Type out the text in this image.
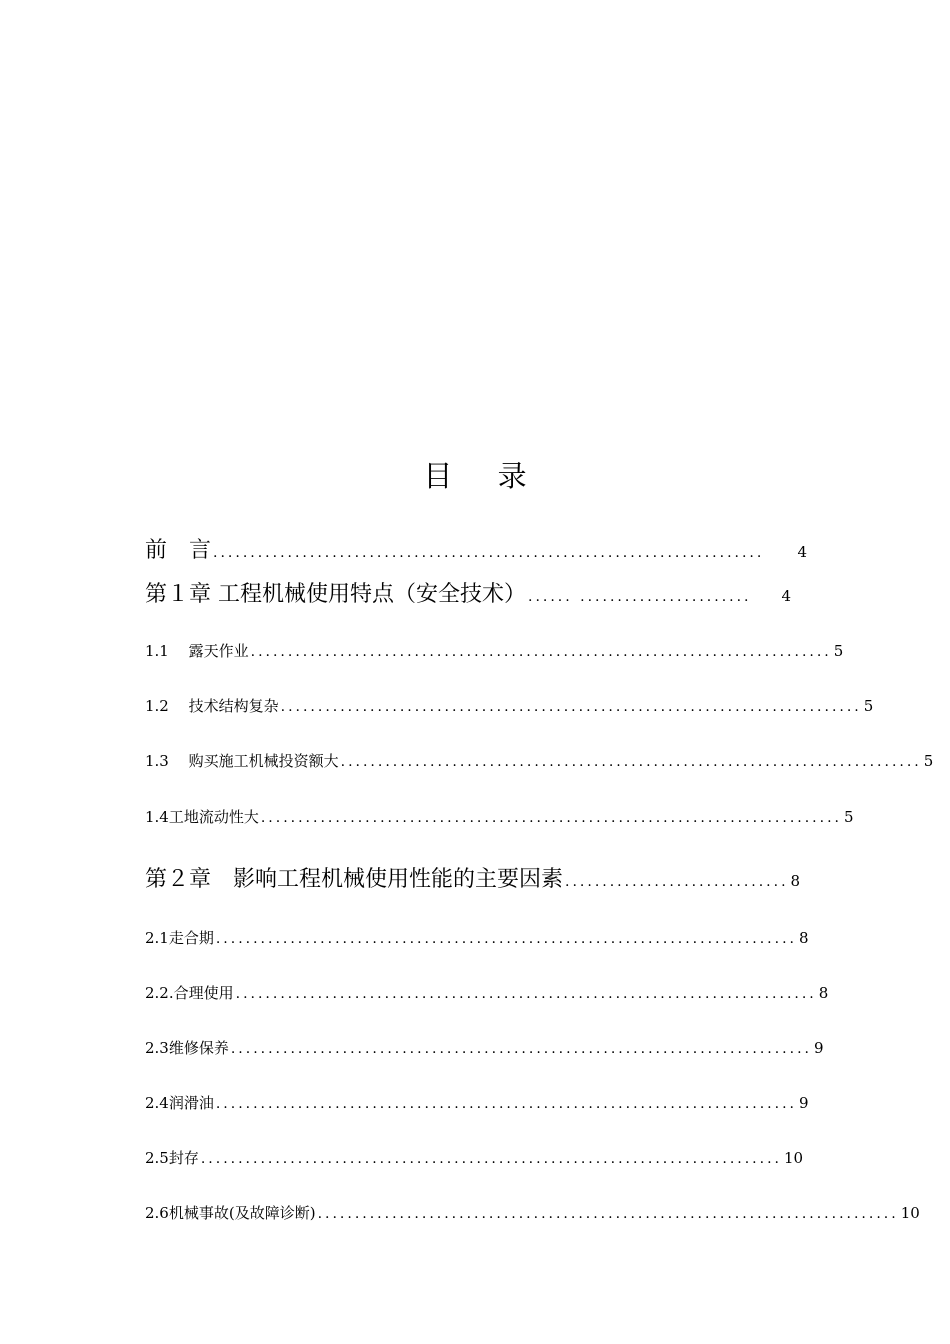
目 录
前　言 ..........................................................................	4
第１章 工程机械使用特点（安全技术） ...... .......................	4
1.1　 露天作业 .............................................................................. 5
1.2　 技术结构复杂 .............................................................................. 5
1.3　 购买施工机械投资额大 .............................................................................. 5
1.4工地流动性大 .............................................................................. 5
第２章　影响工程机械使用性能的主要因素 .............................. 8
2.1走合期 .............................................................................. 8
2.2.合理使用 .............................................................................. 8
2.3维修保养 .............................................................................. 9
2.4润滑油 .............................................................................. 9
2.5封存 .............................................................................. 10
2.6机械事故(及故障诊断) .............................................................................. 10
